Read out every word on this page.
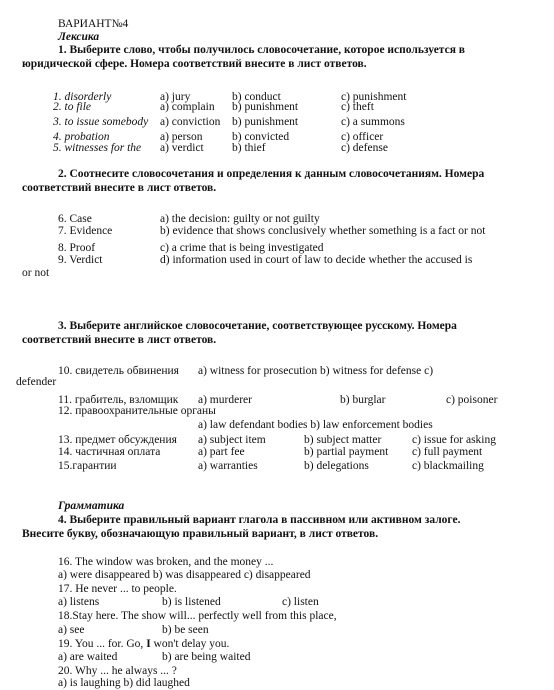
ВАРИАНТ№4
Лексика
1. Выберите слово, чтобы получилось словосочетание, которое используется в
юридической сфере. Номера соответствий внесите в лист ответов.
1. disorderly	a) jury	b) conduct	c) punishment
2. to file	a) complain b) punishment	c) theft
3. to issue somebody a) conviction b) punishment	c) a summons
4. probation	a) person	b) convicted	c) officer
5. witnesses for the a) verdict b) thief	c) defense
2. Соотнесите словосочетания и определения к данным словосочетаниям. Номера
соответствий внесите в лист ответов.
6. Case	a) the decision: guilty or not guilty
7. Evidence	b) evidence that shows conclusively whether something is a fact or not
8. Proof	c) a crime that is being investigated
9. Verdict	d) information used in court of law to decide whether the accused is
or not
3. Выберите английское словосочетание, соответствующее русскому. Номера
соответствий внесите в лист ответов.
10. свидетель обвинения a) witness for prosecution b) witness for defense c)
defender
11. грабитель, взломщик a) murderer	b) burglar	c) poisoner
12. правоохранительные органы
a) law defendant bodies b) law enforcement bodies
13. предмет обсуждения a) subject item	b) subject matter	c) issue for asking
14. частичная оплата	a) part fee	b) partial payment c) full payment
15.гарантии	a) warranties	b) delegations	c) blackmailing
Грамматика
4. Выберите правильный вариант глагола в пассивном или активном залоге.
Внесите букву, обозначающую правильный вариант, в лист ответов.
16. The window was broken, and the money ...
a) were disappeared b) was disappeared c) disappeared
17. He never ... to people.
a) listens	b) is listened	c) listen
18.Stay here. The show will... perfectly well from this place,
a) see	b) be seen
19. You ... for. Go, I won't delay you.
a) are waited	b) are being waited
20. Why ... he always ... ?
a) is laughing b) did laughed
